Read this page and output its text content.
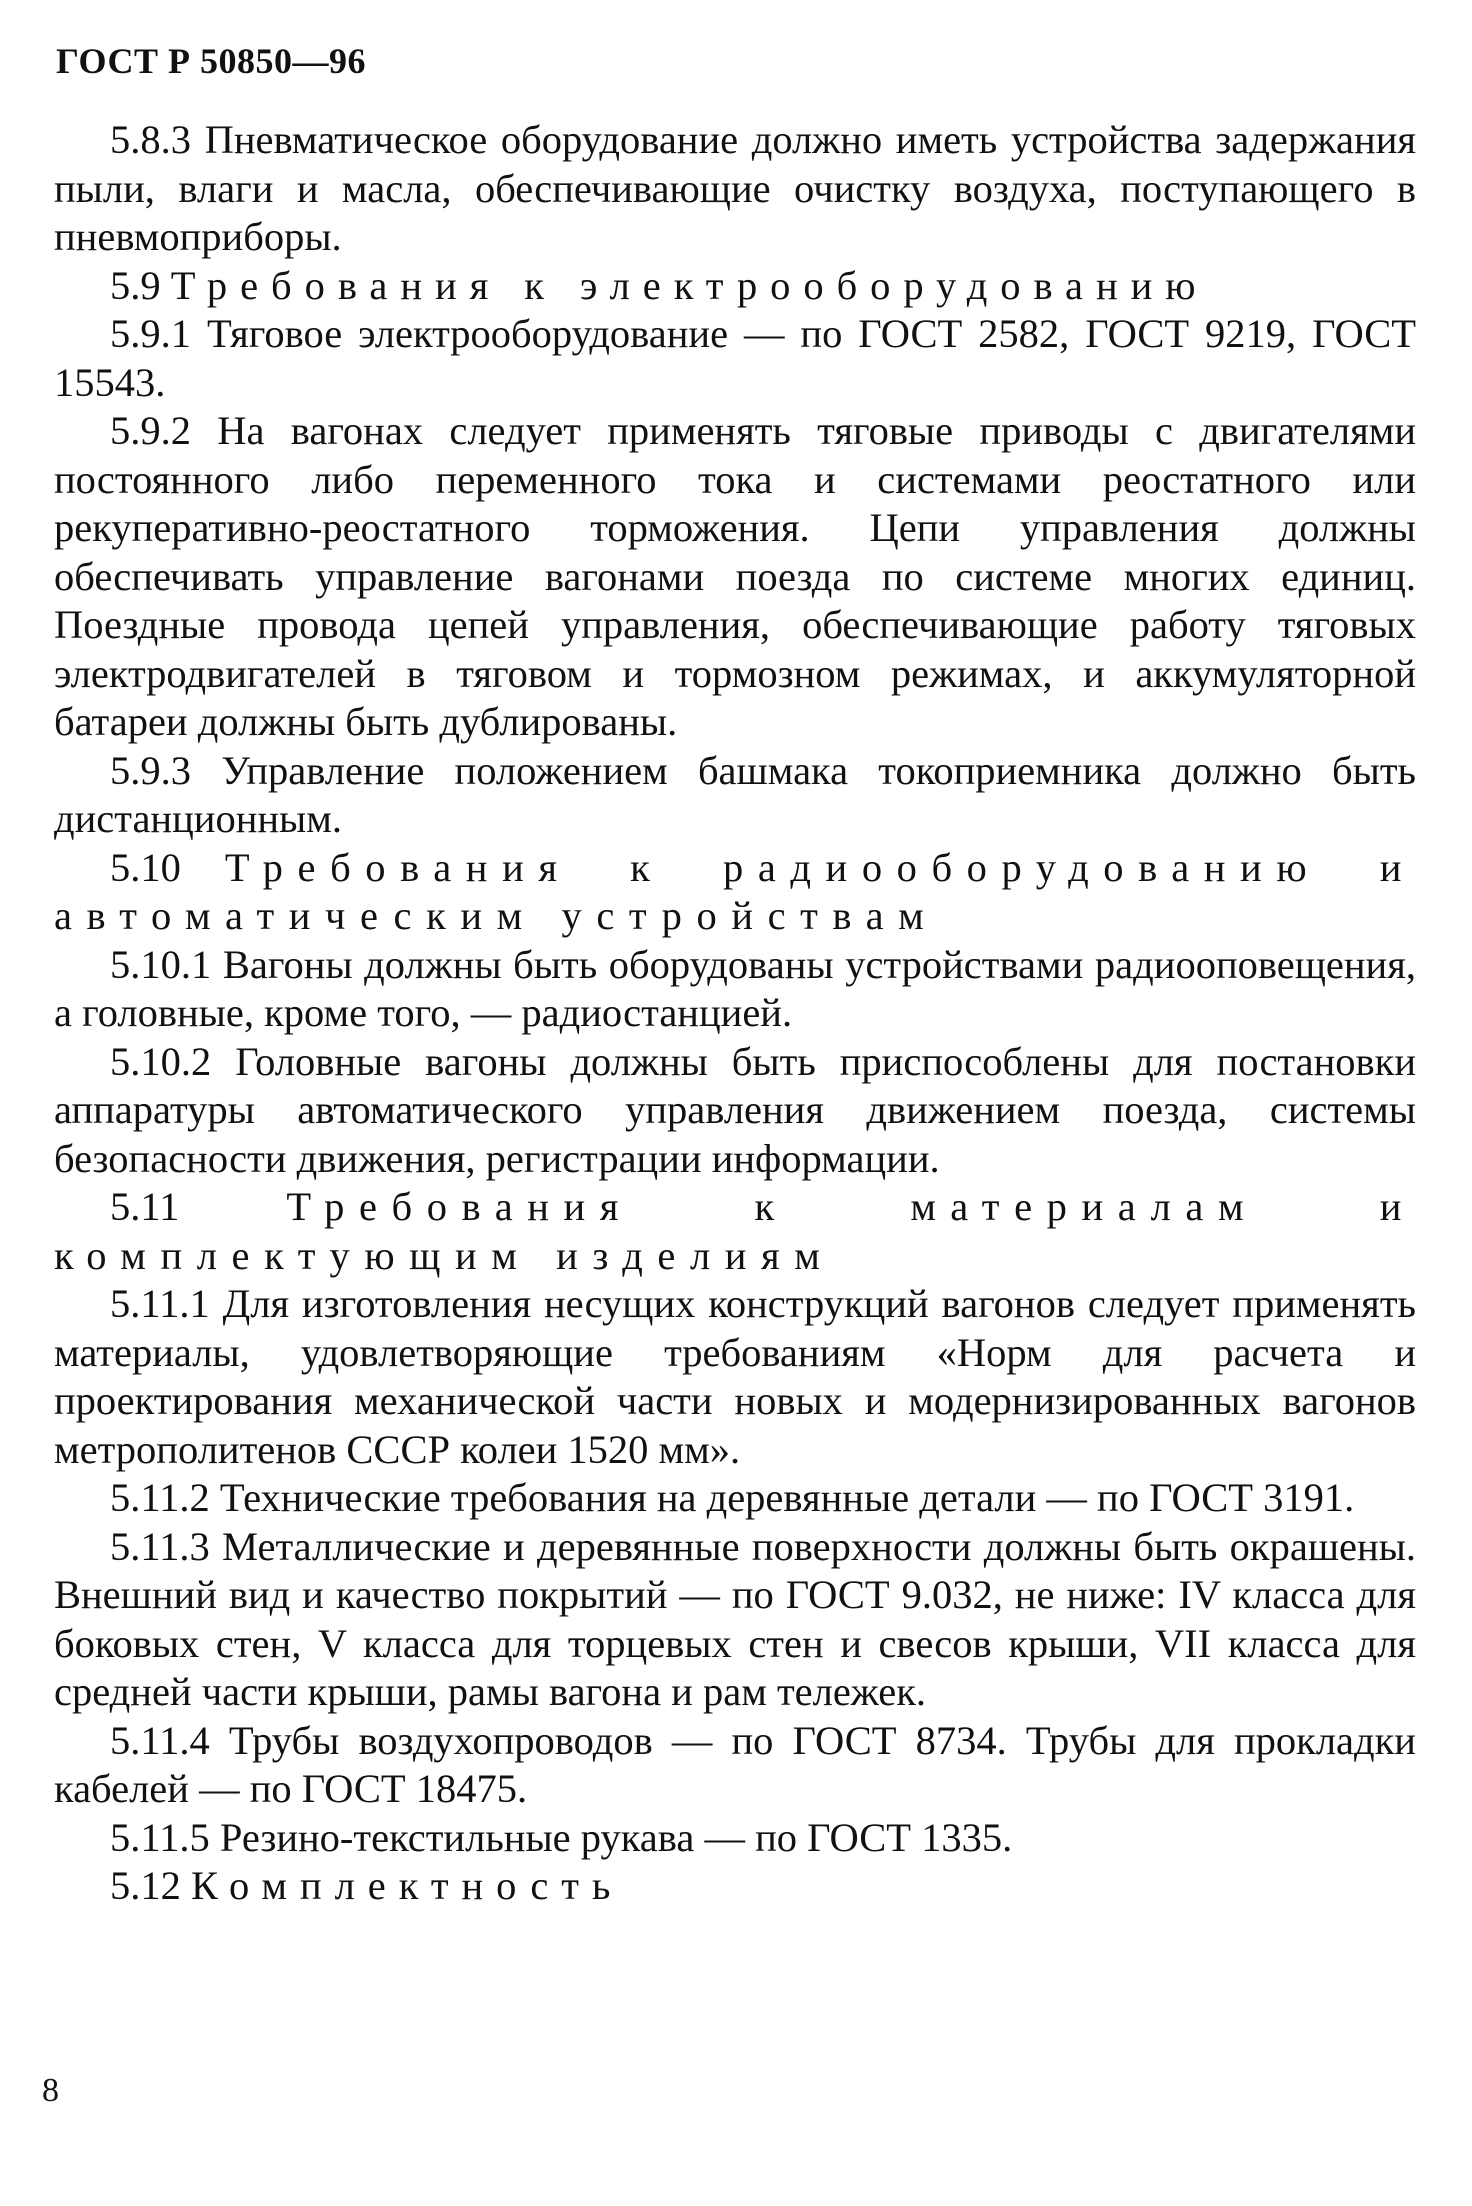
ГОСТ Р 50850—96

5.8.3 Пневматическое оборудование должно иметь устройства задержания пыли, влаги и масла, обеспечивающие очистку воздуха, поступающего в пневмоприборы.

5.9 Требования к электрооборудованию

5.9.1 Тяговое электрооборудование — по ГОСТ 2582, ГОСТ 9219, ГОСТ 15543.

5.9.2 На вагонах следует применять тяговые приводы с двигателями постоянного либо переменного тока и системами реостатного или рекуперативно-реостатного торможения. Цепи управления должны обеспечивать управление вагонами поезда по системе многих единиц. Поездные провода цепей управления, обеспечивающие работу тяговых электродвигателей в тяговом и тормозном режимах, и аккумуляторной батареи должны быть дублированы.

5.9.3 Управление положением башмака токоприемника должно быть дистанционным.

5.10 Требования к радиооборудованию и автоматическим устройствам

5.10.1 Вагоны должны быть оборудованы устройствами радиооповещения, а головные, кроме того, — радиостанцией.

5.10.2 Головные вагоны должны быть приспособлены для постановки аппаратуры автоматического управления движением поезда, системы безопасности движения, регистрации информации.

5.11	Требования к материалам и комплектующим изделиям

5.11.1 Для изготовления несущих конструкций вагонов следует применять материалы, удовлетворяющие требованиям «Норм для расчета и проектирования механической части новых и модернизированных вагонов метрополитенов СССР колеи 1520 мм».

5.11.2 Технические требования на деревянные детали — по ГОСТ 3191.

5.11.3 Металлические и деревянные поверхности должны быть окрашены. Внешний вид и качество покрытий — по ГОСТ 9.032, не ниже: IV класса для боковых стен, V класса для торцевых стен и свесов крыши, VII класса для средней части крыши, рамы вагона и рам тележек.

5.11.4 Трубы воздухопроводов — по ГОСТ 8734. Трубы для прокладки кабелей — по ГОСТ 18475.

5.11.5 Резино-текстильные рукава — по ГОСТ 1335.

5.12 Комплектность

8
